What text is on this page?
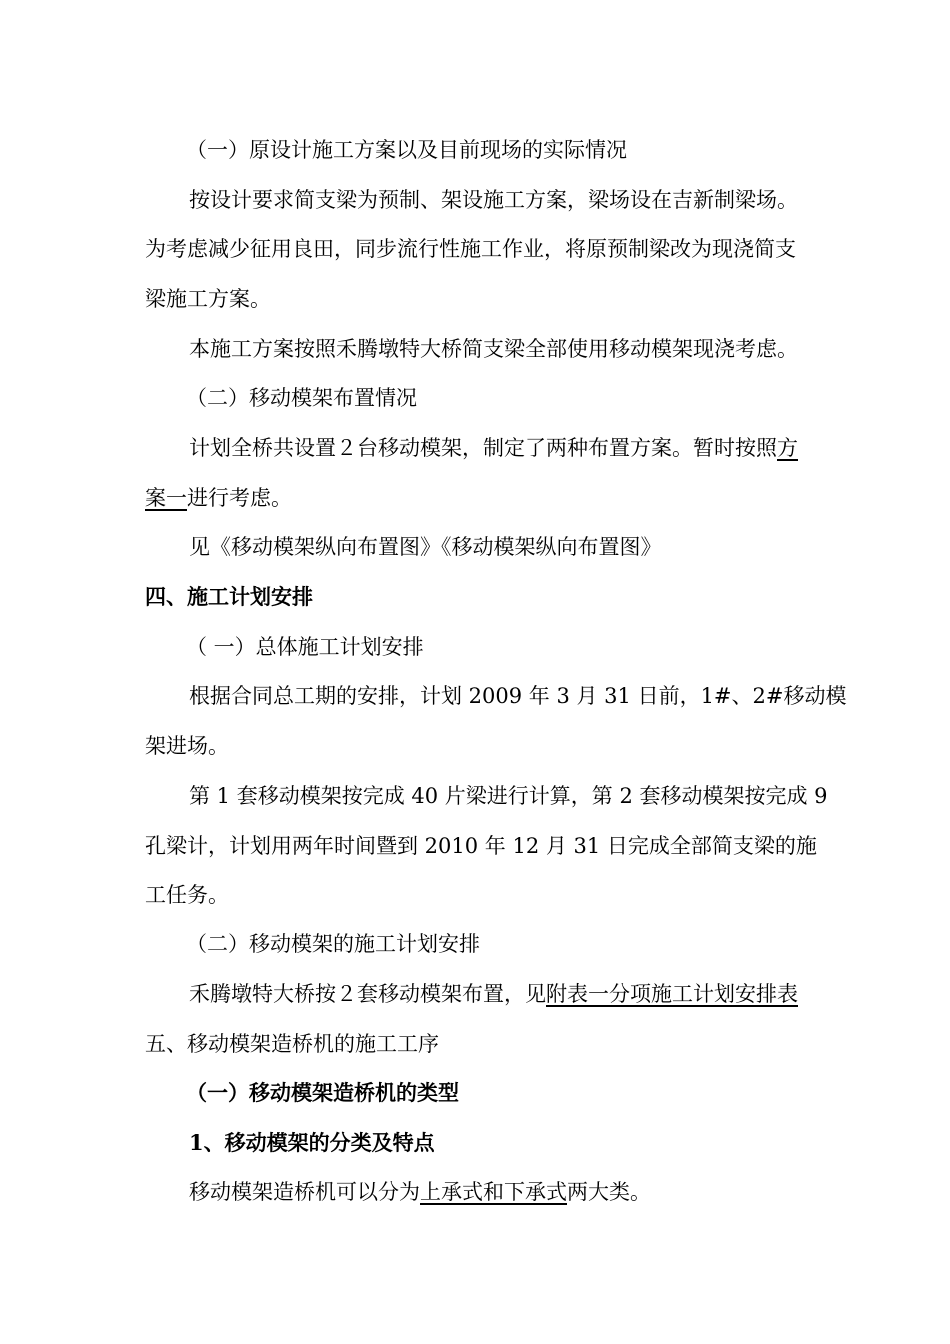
（一）原设计施工方案以及目前现场的实际情况
按设计要求简支梁为预制、架设施工方案，梁场设在吉新制梁场。
为考虑减少征用良田，同步流行性施工作业，将原预制梁改为现浇简支
梁施工方案。
本施工方案按照禾腾墩特大桥简支梁全部使用移动模架现浇考虑。
（二）移动模架布置情况
计划全桥共设置２台移动模架，制定了两种布置方案。暂时按照方
案一进行考虑。
见《移动模架纵向布置图》《移动模架纵向布置图》
四、施工计划安排
（ 一）总体施工计划安排
根据合同总工期的安排，计划 2009 年 3 月 31 日前，1#、2#移动模
架进场。
第 1 套移动模架按完成 40 片梁进行计算，第 2 套移动模架按完成 9
孔梁计，计划用两年时间暨到 2010 年 12 月 31 日完成全部简支梁的施
工任务。
（二）移动模架的施工计划安排
禾腾墩特大桥按２套移动模架布置，见附表一分项施工计划安排表
五、移动模架造桥机的施工工序
（一）移动模架造桥机的类型
1、移动模架的分类及特点
移动模架造桥机可以分为上承式和下承式两大类。
